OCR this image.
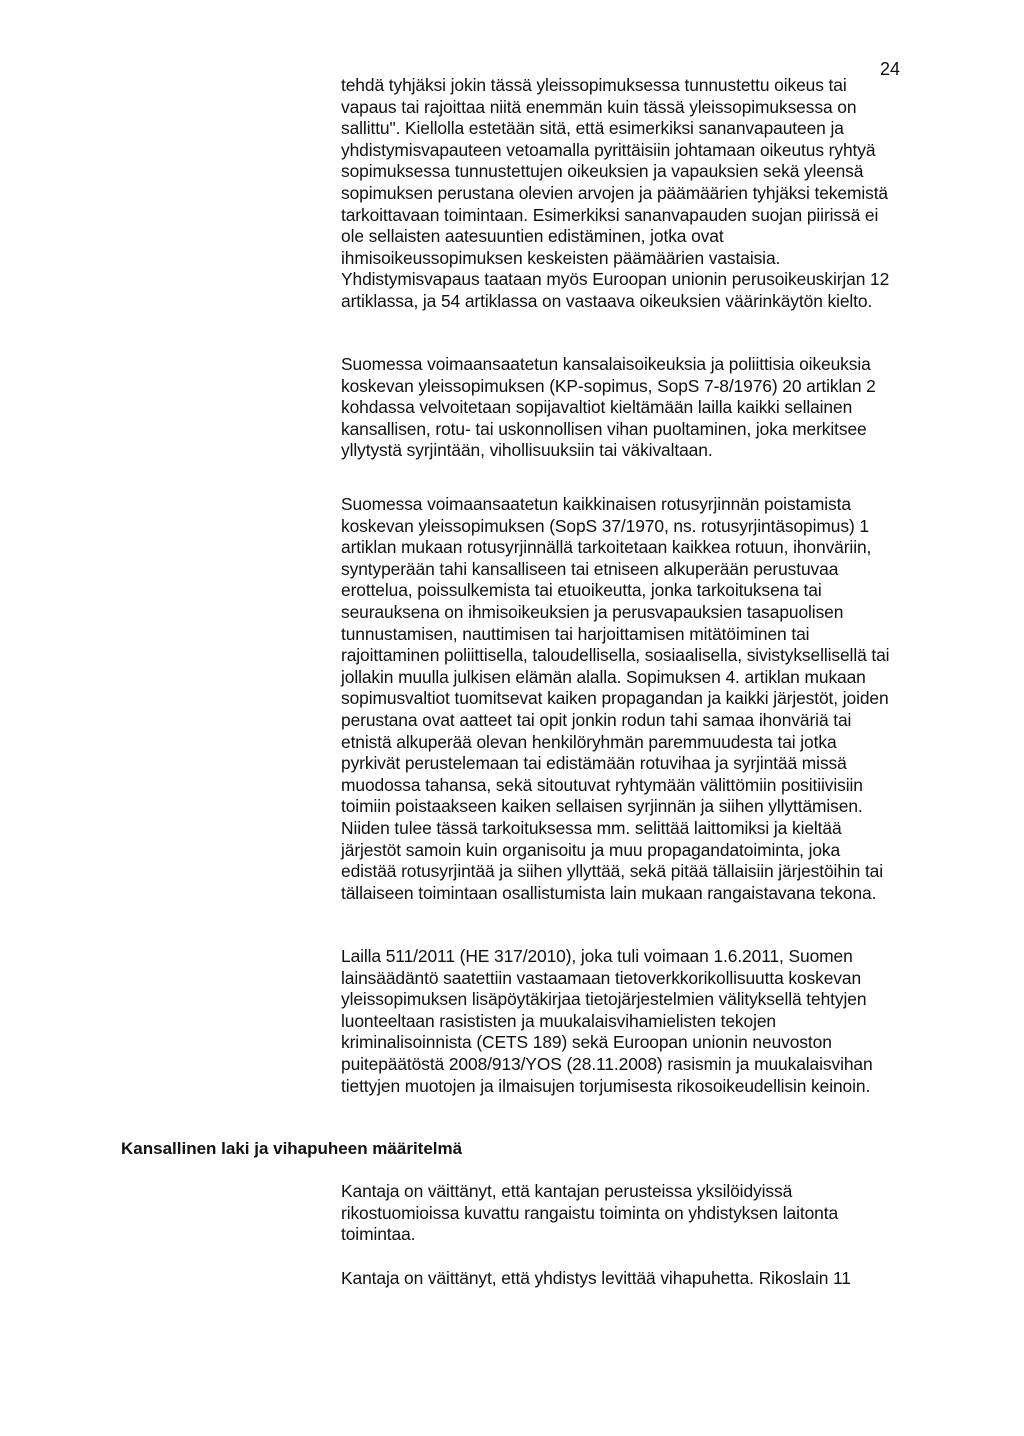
24
tehdä tyhjäksi jokin tässä yleissopimuksessa tunnustettu oikeus tai
vapaus tai rajoittaa niitä enemmän kuin tässä yleissopimuksessa on
sallittu". Kiellolla estetään sitä, että esimerkiksi sananvapauteen ja
yhdistymisvapauteen vetoamalla pyrittäisiin johtamaan oikeutus ryhtyä
sopimuksessa tunnustettujen oikeuksien ja vapauksien sekä yleensä
sopimuksen perustana olevien arvojen ja päämäärien tyhjäksi tekemistä
tarkoittavaan toimintaan. Esimerkiksi sananvapauden suojan piirissä ei
ole sellaisten aatesuuntien edistäminen, jotka ovat
ihmisoikeussopimuksen keskeisten päämäärien vastaisia.
Yhdistymisvapaus taataan myös Euroopan unionin perusoikeuskirjan 12
artiklassa, ja 54 artiklassa on vastaava oikeuksien väärinkäytön kielto.
Suomessa voimaansaatetun kansalaisoikeuksia ja poliittisia oikeuksia
koskevan yleissopimuksen (KP-sopimus, SopS 7-8/1976) 20 artiklan 2
kohdassa velvoitetaan sopijavaltiot kieltämään lailla kaikki sellainen
kansallisen, rotu- tai uskonnollisen vihan puoltaminen, joka merkitsee
yllytystä syrjintään, vihollisuuksiin tai väkivaltaan.
Suomessa voimaansaatetun kaikkinaisen rotusyrjinnän poistamista
koskevan yleissopimuksen (SopS 37/1970, ns. rotusyrjintäsopimus) 1
artiklan mukaan rotusyrjinnällä tarkoitetaan kaikkea rotuun, ihonväriin,
syntyperään tahi kansalliseen tai etniseen alkuperään perustuvaa
erottelua, poissulkemista tai etuoikeutta, jonka tarkoituksena tai
seurauksena on ihmisoikeuksien ja perusvapauksien tasapuolisen
tunnustamisen, nauttimisen tai harjoittamisen mitätöiminen tai
rajoittaminen poliittisella, taloudellisella, sosiaalisella, sivistyksellisellä tai
jollakin muulla julkisen elämän alalla. Sopimuksen 4. artiklan mukaan
sopimusvaltiot tuomitsevat kaiken propagandan ja kaikki järjestöt, joiden
perustana ovat aatteet tai opit jonkin rodun tahi samaa ihonväriä tai
etnistä alkuperää olevan henkilöryhmän paremmuudesta tai jotka
pyrkivät perustelemaan tai edistämään rotuvihaa ja syrjintää missä
muodossa tahansa, sekä sitoutuvat ryhtymään välittömiin positiivisiin
toimiin poistaakseen kaiken sellaisen syrjinnän ja siihen yllyttämisen.
Niiden tulee tässä tarkoituksessa mm. selittää laittomiksi ja kieltää
järjestöt samoin kuin organisoitu ja muu propagandatoiminta, joka
edistää rotusyrjintää ja siihen yllyttää, sekä pitää tällaisiin järjestöihin tai
tällaiseen toimintaan osallistumista lain mukaan rangaistavana tekona.
Lailla 511/2011 (HE 317/2010), joka tuli voimaan 1.6.2011, Suomen
lainsäädäntö saatettiin vastaamaan tietoverkkorikollisuutta koskevan
yleissopimuksen lisäpöytäkirjaa tietojärjestelmien välityksellä tehtyjen
luonteeltaan rasististen ja muukalaisvihamielisten tekojen
kriminalisoinnista (CETS 189) sekä Euroopan unionin neuvoston
puitepäätöstä 2008/913/YOS (28.11.2008) rasismin ja muukalaisvihan
tiettyjen muotojen ja ilmaisujen torjumisesta rikosoikeudellisin keinoin.
Kansallinen laki ja vihapuheen määritelmä
Kantaja on väittänyt, että kantajan perusteissa yksilöidyissä
rikostuomioissa kuvattu rangaistu toiminta on yhdistyksen laitonta
toimintaa.
Kantaja on väittänyt, että yhdistys levittää vihapuhetta. Rikoslain 11
